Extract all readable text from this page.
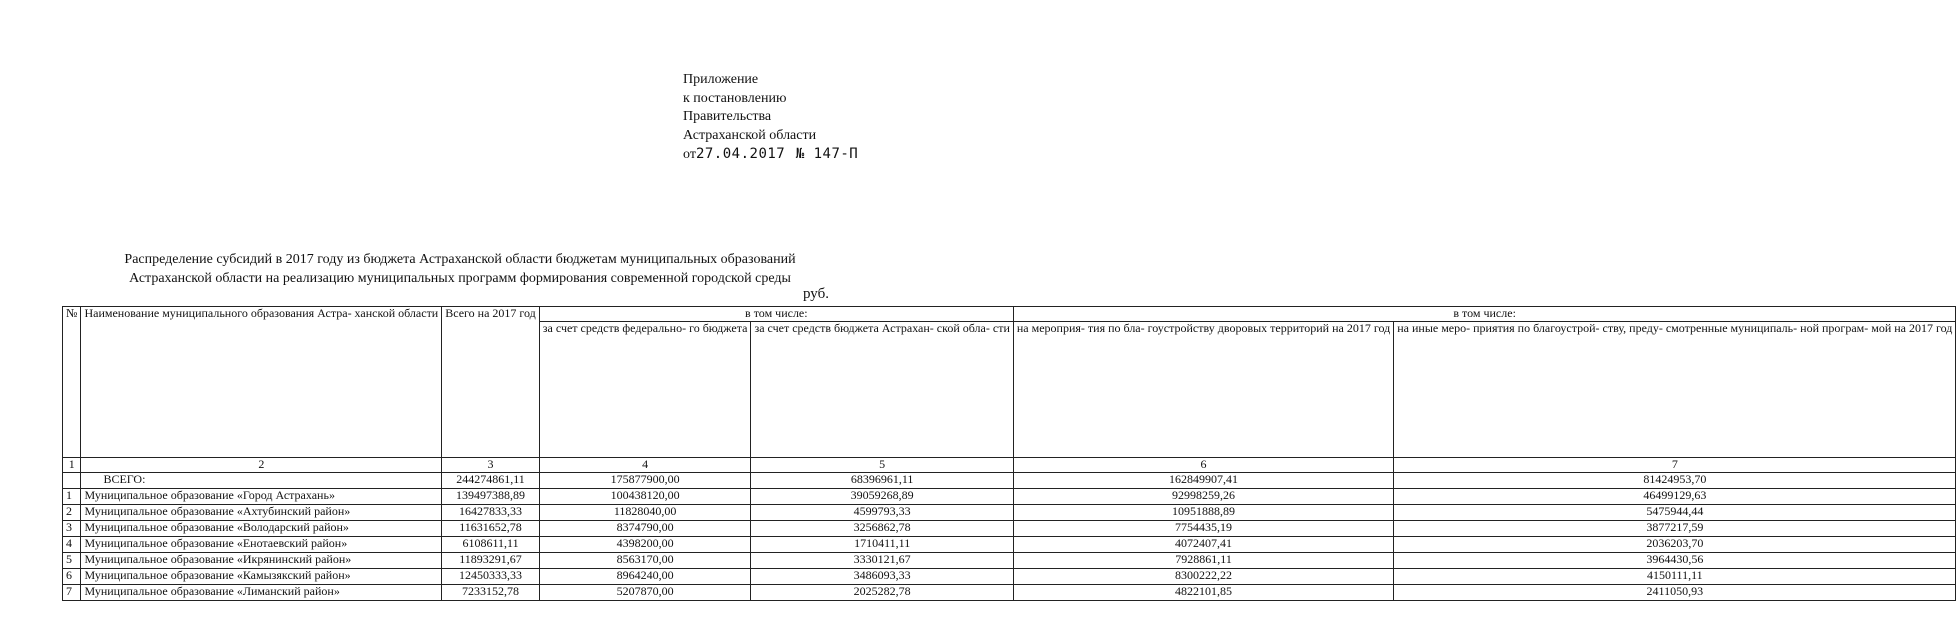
Приложение
к постановлению
Правительства
Астраханской области
от27.04.2017 № 147-П
Распределение субсидий в 2017 году из бюджета Астраханской области бюджетам муниципальных образований
Астраханской области на реализацию муниципальных программ формирования современной городской среды
руб.
№	Наименование муниципального образования Астра- ханской области	Всего на 2017 год	в том числе:		в том числе:	
			за счет средств федерально- го бюджета	за счет средств бюджета Астрахан- ской обла- сти	на мероприя- тия по бла- гоустройству дворовых территорий на 2017 год	на иные меро- приятия по благоустрой- ству, преду- смотренные муниципаль- ной програм- мой на 2017 год
1	2	3	4	5	6	7
	ВСЕГО:	244274861,11	175877900,00	68396961,11	162849907,41	81424953,70
1	Муниципальное образование «Город Астрахань»	139497388,89	100438120,00	39059268,89	92998259,26	46499129,63
2	Муниципальное образование «Ахтубинский район»	16427833,33	11828040,00	4599793,33	10951888,89	5475944,44
3	Муниципальное образование «Володарский район»	11631652,78	8374790,00	3256862,78	7754435,19	3877217,59
4	Муниципальное образование «Енотаевский район»	6108611,11	4398200,00	1710411,11	4072407,41	2036203,70
5	Муниципальное образование «Икрянинский район»	11893291,67	8563170,00	3330121,67	7928861,11	3964430,56
6	Муниципальное образование «Камызякский район»	12450333,33	8964240,00	3486093,33	8300222,22	4150111,11
7	Муниципальное образование «Лиманский район»	7233152,78	5207870,00	2025282,78	4822101,85	2411050,93
